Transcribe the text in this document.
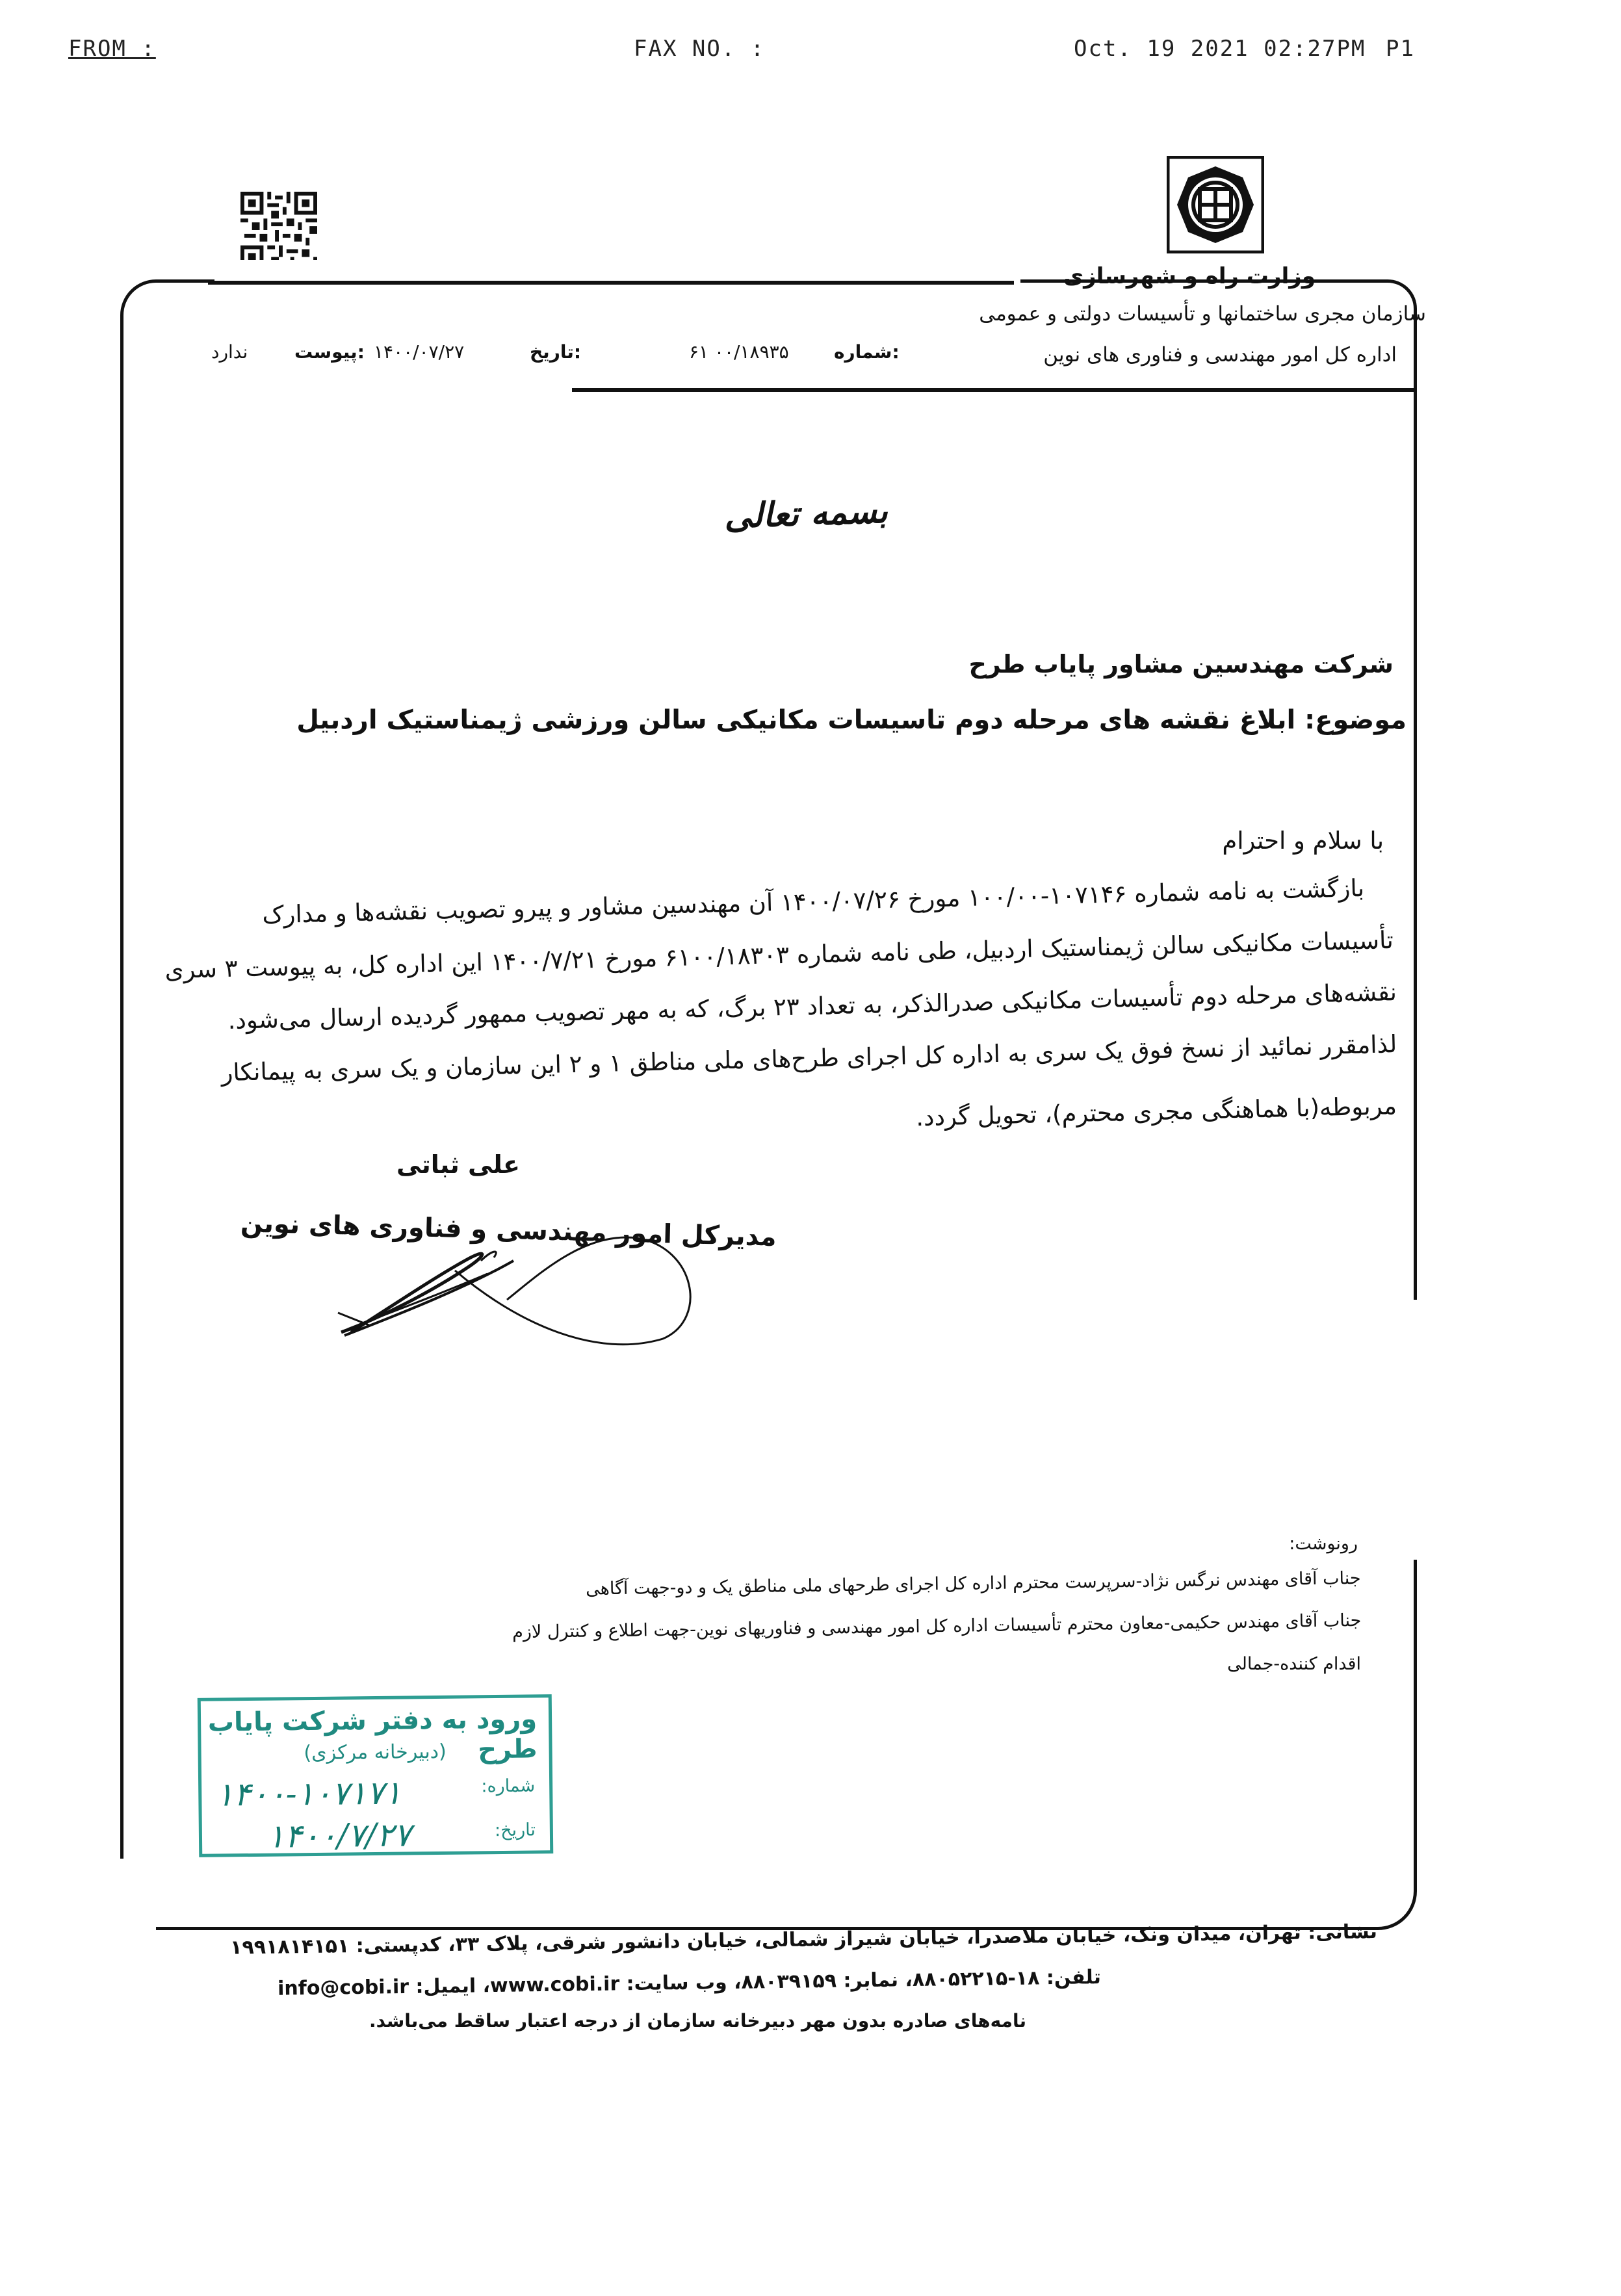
FROM :	FAX NO. :	Oct. 19 2021 02:27PM P1
وزارت راه و شهرسازی
سازمان مجری ساختمانها و تأسیسات دولتی و عمومی
اداره کل امور مهندسی و فناوری های نوین
شماره:
۶۱ ۰۰/۱۸۹۳۵
تاریخ:
۱۴۰۰/۰۷/۲۷
پیوست:
ندارد
بسمه تعالی
شرکت مهندسین مشاور پایاب طرح
موضوع: ابلاغ نقشه های مرحله دوم تاسیسات مکانیکی سالن ورزشی ژیمناستیک اردبیل
با سلام و احترام
بازگشت به نامه شماره ۱۰۷۱۴۶-۱۰۰/۰۰ مورخ ۱۴۰۰/۰۷/۲۶ آن مهندسین مشاور و پیرو تصویب نقشه‌ها و مدارک
تأسیسات مکانیکی سالن ژیمناستیک اردبیل، طی نامه شماره ۶۱۰۰/۱۸۳۰۳ مورخ ۱۴۰۰/۷/۲۱ این اداره کل، به پیوست ۳ سری
نقشه‌های مرحله دوم تأسیسات مکانیکی صدرالذکر، به تعداد ۲۳ برگ، که به مهر تصویب ممهور گردیده ارسال می‌شود.
لذامقرر نمائید از نسخ فوق یک سری به اداره کل اجرای طرح‌های ملی مناطق ۱ و ۲ این سازمان و یک سری به پیمانکار
مربوطه(با هماهنگی مجری محترم)، تحویل گردد.
علی ثباتی
مدیرکل امور مهندسی و فناوری های نوین
رونوشت:
جناب آقای مهندس نرگس نژاد-سرپرست محترم اداره کل اجرای طرحهای ملی مناطق یک و دو-جهت آگاهی
جناب آقای مهندس حکیمی-معاون محترم تأسیسات اداره کل امور مهندسی و فناوریهای نوین-جهت اطلاع و کنترل لازم
اقدام کننده-جمالی
ورود به دفتر شرکت پایاب طرح
(دبیرخانه مرکزی)
شماره:
۱۴۰۰-۱۰۷۱۷۱
تاریخ:
۱۴۰۰/۷/۲۷
نشانی: تهران، میدان ونک، خیابان ملاصدرا، خیابان شیراز شمالی، خیابان دانشور شرقی، پلاک ۳۳، کدپستی: ۱۹۹۱۸۱۴۱۵۱
تلفن: ۱۸-۸۸۰۵۲۲۱۵، نمابر: ۸۸۰۳۹۱۵۹، وب سایت: www.cobi.ir، ایمیل: info@cobi.ir
نامه‌های صادره بدون مهر دبیرخانه سازمان از درجه اعتبار ساقط می‌باشد.
